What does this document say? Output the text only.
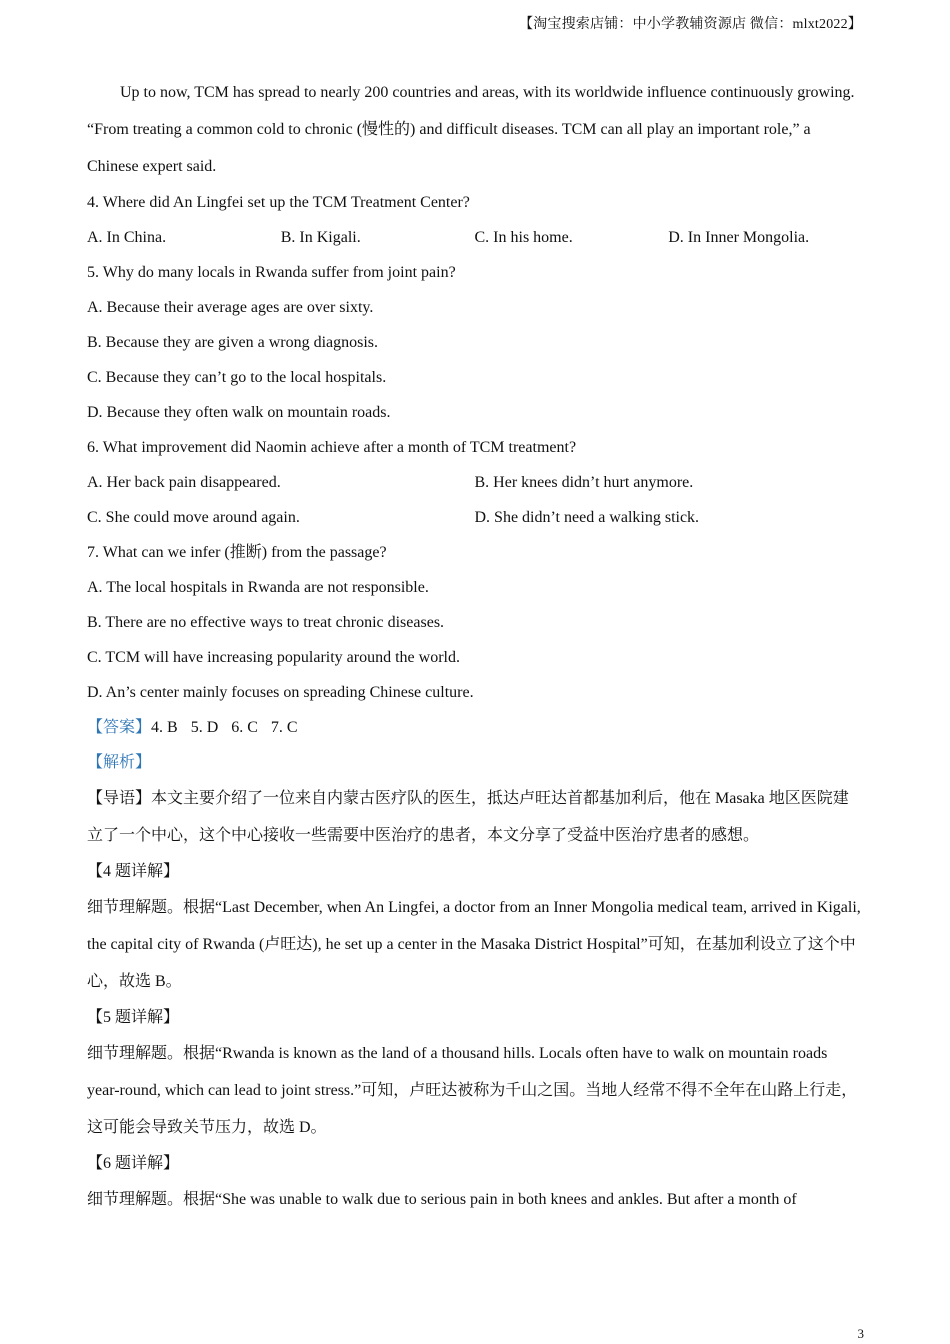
【淘宝搜索店铺：中小学教辅资源店 微信：mlxt2022】

Up to now, TCM has spread to nearly 200 countries and areas, with its worldwide influence continuously growing. “From treating a common cold to chronic (慢性的) and difficult diseases. TCM can all play an important role,” a Chinese expert said.

4. Where did An Lingfei set up the TCM Treatment Center?

A. In China.	B. In Kigali.	C. In his home.	D. In Inner Mongolia.

5. Why do many locals in Rwanda suffer from joint pain?

A. Because their average ages are over sixty.

B. Because they are given a wrong diagnosis.

C. Because they can’t go to the local hospitals.

D. Because they often walk on mountain roads.

6. What improvement did Naomin achieve after a month of TCM treatment?

A. Her back pain disappeared.	B. Her knees didn’t hurt anymore.
C. She could move around again.	D. She didn’t need a walking stick.

7. What can we infer (推断) from the passage?

A. The local hospitals in Rwanda are not responsible.

B. There are no effective ways to treat chronic diseases.

C. TCM will have increasing popularity around the world.

D. An’s center mainly focuses on spreading Chinese culture.

【答案】4. B 5. D 6. C 7. C

【解析】

【导语】本文主要介绍了一位来自内蒙古医疗队的医生，抵达卢旺达首都基加利后，他在 Masaka 地区医院建立了一个中心，这个中心接收一些需要中医治疗的患者，本文分享了受益中医治疗患者的感想。

【4 题详解】

细节理解题。根据“Last December, when An Lingfei, a doctor from an Inner Mongolia medical team, arrived in Kigali, the capital city of Rwanda (卢旺达), he set up a center in the Masaka District Hospital”可知，在基加利设立了这个中心，故选 B。

【5 题详解】

细节理解题。根据“Rwanda is known as the land of a thousand hills. Locals often have to walk on mountain roads year-round, which can lead to joint stress.”可知，卢旺达被称为千山之国。当地人经常不得不全年在山路上行走，这可能会导致关节压力，故选 D。

【6 题详解】

细节理解题。根据“She was unable to walk due to serious pain in both knees and ankles. But after a month of

3
